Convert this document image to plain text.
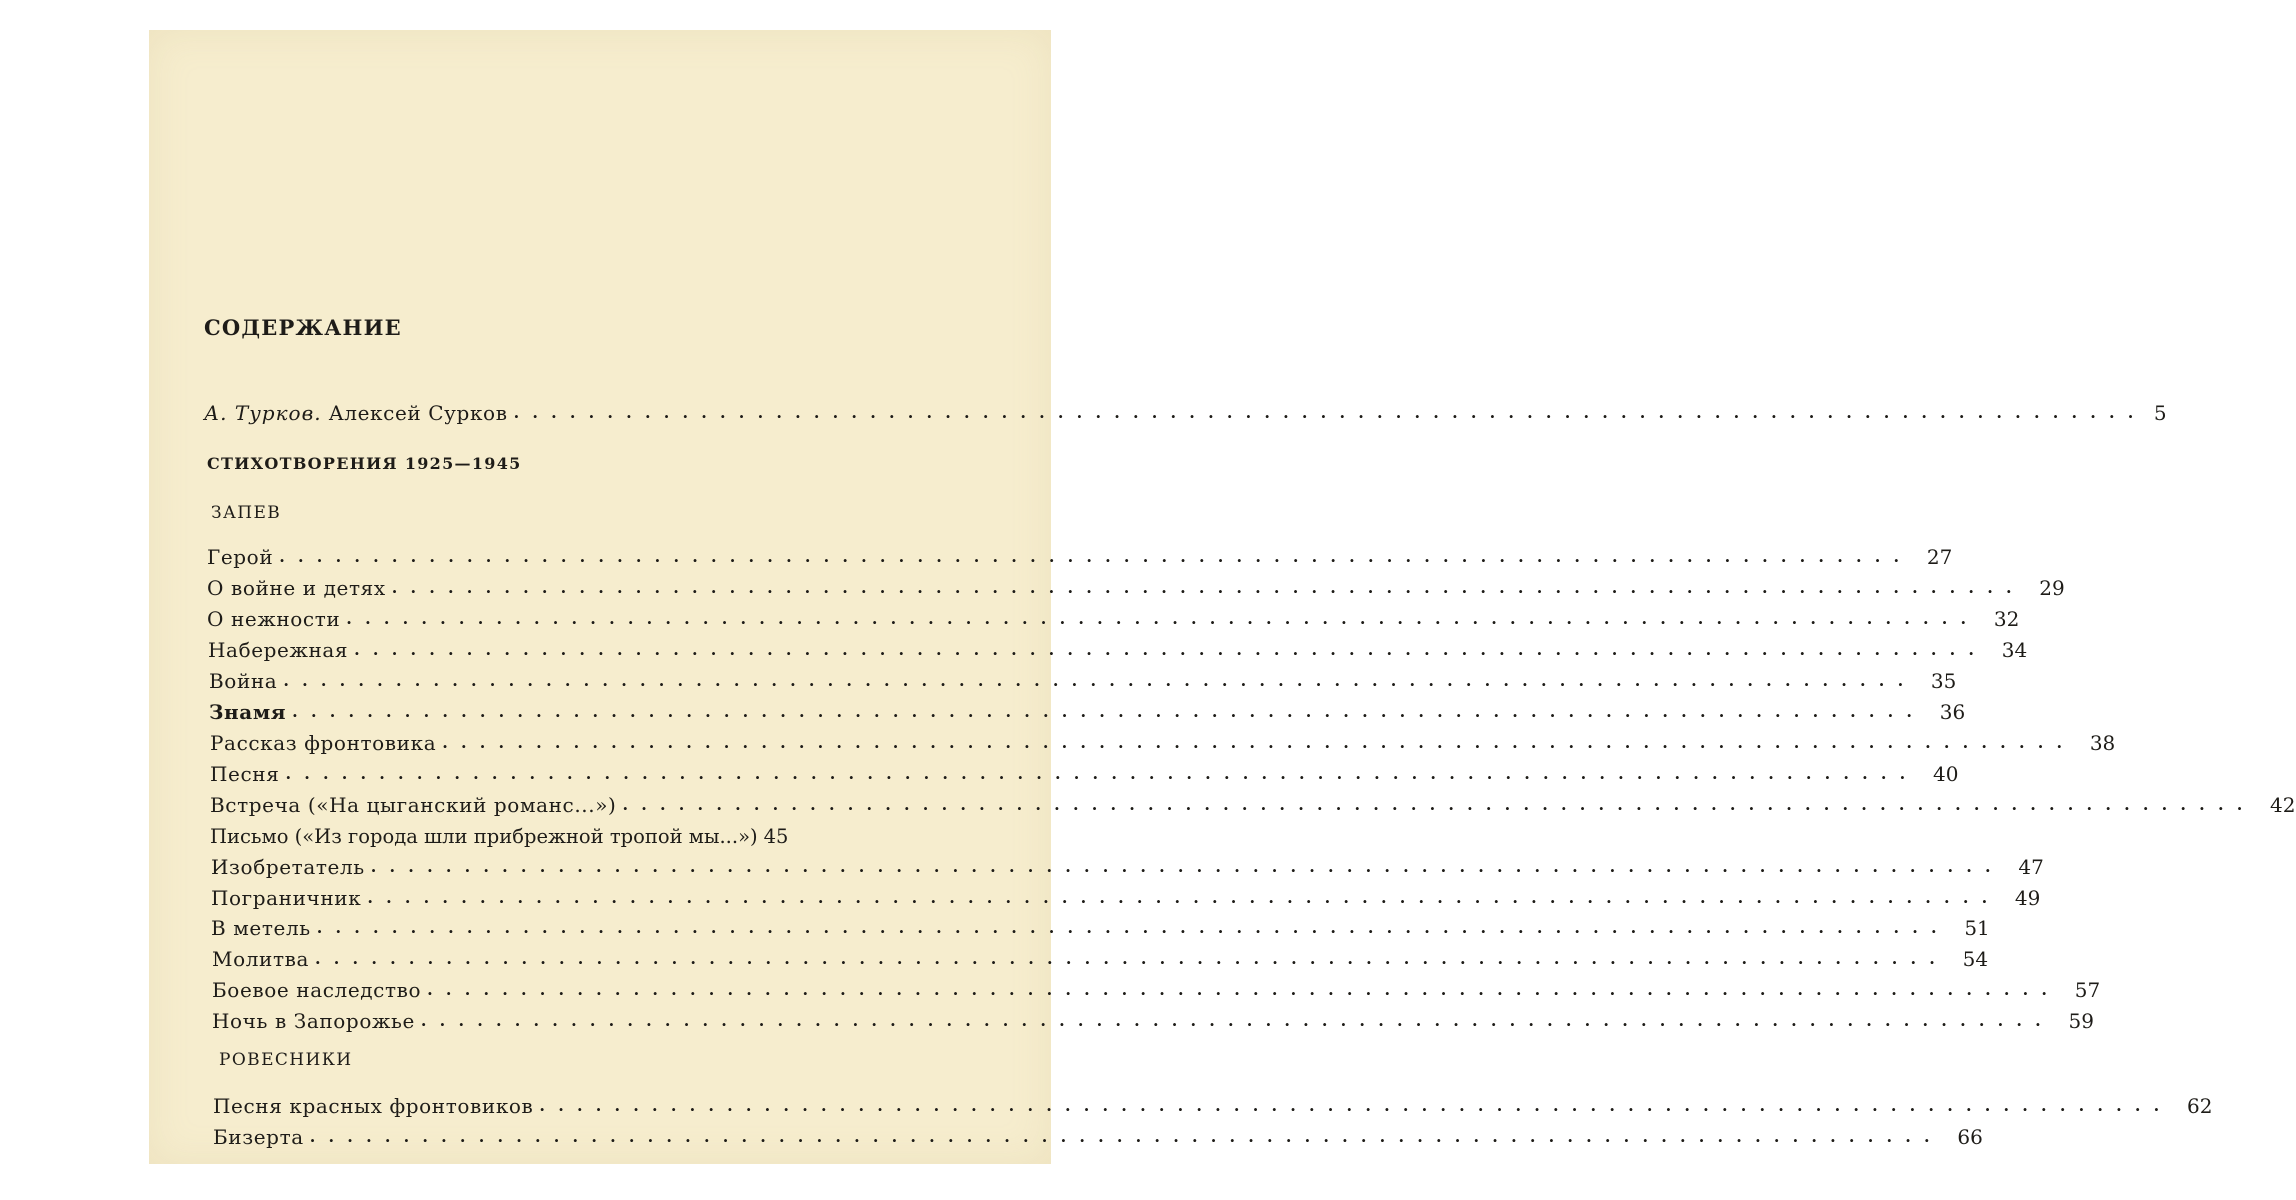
СОДЕРЖАНИЕ
А. Турков. Алексей Сурков ....................................................................................... 5
СТИХОТВОРЕНИЯ 1925—1945
ЗАПЕВ
Герой ....................................................................................... 27
О войне и детях ....................................................................................... 29
О нежности ....................................................................................... 32
Набережная ....................................................................................... 34
Война ....................................................................................... 35
Знамя ....................................................................................... 36
Рассказ фронтовика ....................................................................................... 38
Песня ....................................................................................... 40
Встреча («На цыганский романс...») ....................................................................................... 42
Письмо («Из города шли прибрежной тропой мы...») 45
Изобретатель ....................................................................................... 47
Пограничник ....................................................................................... 49
В метель ....................................................................................... 51
Молитва ....................................................................................... 54
Боевое наследство ....................................................................................... 57
Ночь в Запорожье ....................................................................................... 59
РОВЕСНИКИ
Песня красных фронтовиков ....................................................................................... 62
Бизерта ....................................................................................... 66
